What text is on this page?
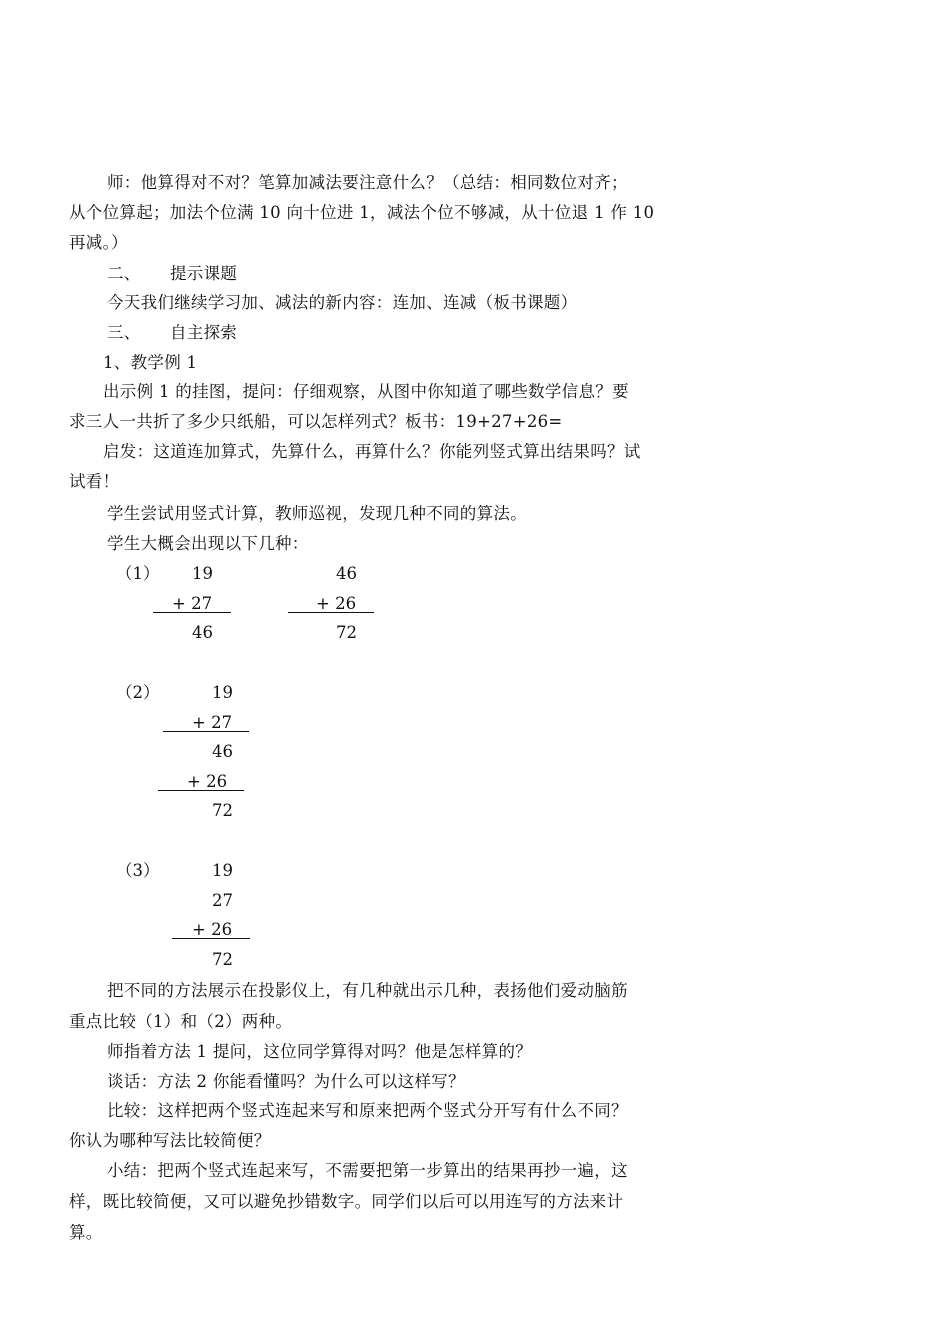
师：他算得对不对？笔算加减法要注意什么？（总结：相同数位对齐；
从个位算起；加法个位满 10 向十位进 1，减法个位不够减，从十位退 1 作 10
再减。）
二、 提示课题
今天我们继续学习加、减法的新内容：连加、连减（板书课题）
三、 自主探索
1、教学例 1
出示例 1 的挂图，提问：仔细观察，从图中你知道了哪些数学信息？要
求三人一共折了多少只纸船，可以怎样列式？板书：19+27+26=
启发：这道连加算式，先算什么，再算什么？你能列竖式算出结果吗？试
试看！
学生尝试用竖式计算，教师巡视，发现几种不同的算法。
学生大概会出现以下几种：
（1） 19
+ 27
46
46
+ 26
72
（2）	19
+ 27
46
+ 26
72
（3）	19
27
+ 26
72
把不同的方法展示在投影仪上，有几种就出示几种，表扬他们爱动脑筋
重点比较（1）和（2）两种。
师指着方法 1 提问，这位同学算得对吗？他是怎样算的？
谈话：方法 2 你能看懂吗？为什么可以这样写？
比较：这样把两个竖式连起来写和原来把两个竖式分开写有什么不同？
你认为哪种写法比较简便？
小结：把两个竖式连起来写，不需要把第一步算出的结果再抄一遍，这
样，既比较简便，又可以避免抄错数字。同学们以后可以用连写的方法来计
算。
